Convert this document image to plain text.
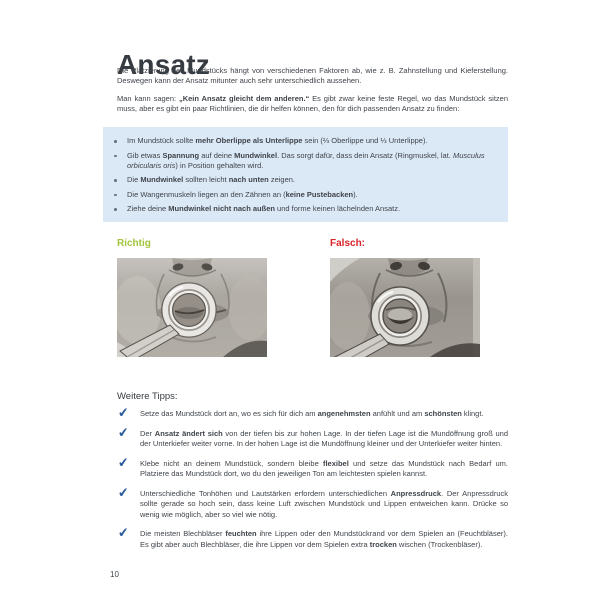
Ansatz

Die Platzierung des Mundstücks hängt von verschiedenen Faktoren ab, wie z. B. Zahnstellung und Kieferstellung. Deswegen kann der Ansatz mitunter auch sehr unterschiedlich aussehen.

Man kann sagen: „Kein Ansatz gleicht dem anderen.“ Es gibt zwar keine feste Regel, wo das Mundstück sitzen muss, aber es gibt ein paar Richtlinien, die dir helfen können, den für dich passenden Ansatz zu finden:

Im Mundstück sollte mehr Oberlippe als Unterlippe sein (⅔ Oberlippe und ⅓ Unterlippe).
Gib etwas Spannung auf deine Mundwinkel. Das sorgt dafür, dass dein Ansatz (Ringmuskel, lat. Musculus orbicularis oris) in Position gehalten wird.
Die Mundwinkel sollten leicht nach unten zeigen.
Die Wangenmuskeln liegen an den Zähnen an (keine Pustebacken).
Ziehe deine Mundwinkel nicht nach außen und forme keinen lächelnden Ansatz.
Richtig	Falsch:
Weitere Tipps:
✔ Setze das Mundstück dort an, wo es sich für dich am angenehmsten anfühlt und am schönsten klingt.

✔ Der Ansatz ändert sich von der tiefen bis zur hohen Lage. In der tiefen Lage ist die Mundöffnung groß und der Unterkiefer weiter vorne. In der hohen Lage ist die Mundöffnung kleiner und der Unterkiefer weiter hinten.

✔ Klebe nicht an deinem Mundstück, sondern bleibe flexibel und setze das Mundstück nach Bedarf um. Platziere das Mundstück dort, wo du den jeweiligen Ton am leichtesten spielen kannst.

✔ Unterschiedliche Tonhöhen und Lautstärken erfordern unterschiedlichen Anpressdruck. Der Anpressdruck sollte gerade so hoch sein, dass keine Luft zwischen Mundstück und Lippen entweichen kann. Drücke so wenig wie möglich, aber so viel wie nötig.

✔ Die meisten Blechbläser feuchten ihre Lippen oder den Mundstückrand vor dem Spielen an (Feuchtbläser). Es gibt aber auch Blechbläser, die ihre Lippen vor dem Spielen extra trocken wischen (Trockenbläser).

10
